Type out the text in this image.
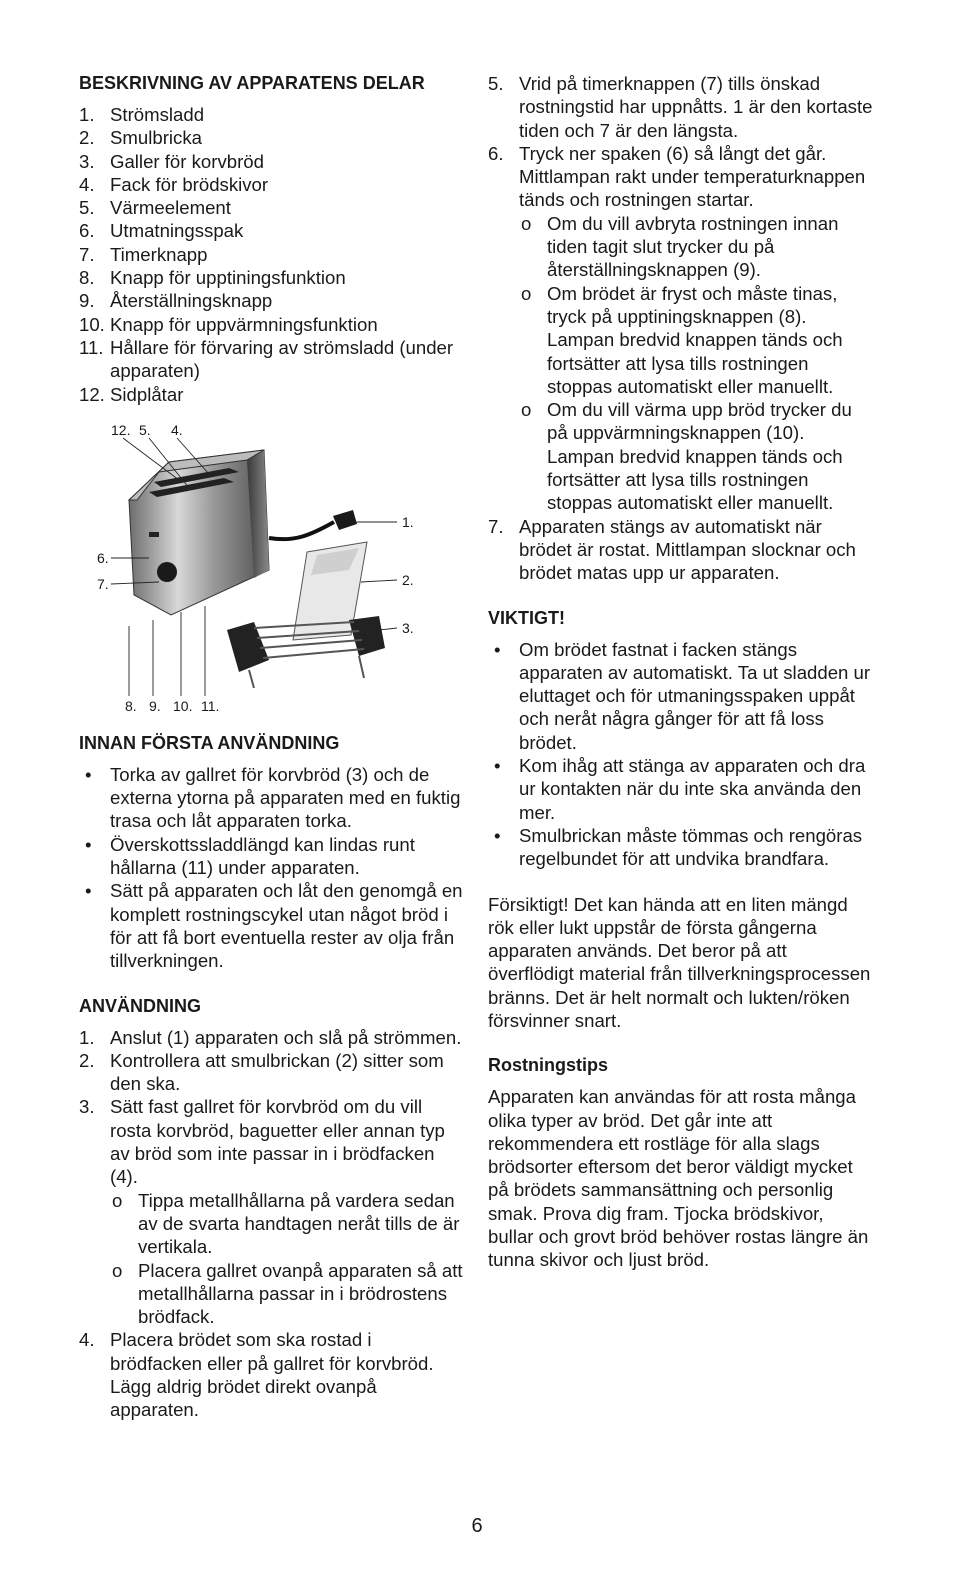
BESKRIVNING AV APPARATENS DELAR
1. Strömsladd
2. Smulbricka
3. Galler för korvbröd
4. Fack för brödskivor
5. Värmeelement
6. Utmatningsspak
7. Timerknapp
8. Knapp för upptiningsfunktion
9. Återställningsknapp
10. Knapp för uppvärmningsfunktion
11. Hållare för förvaring av strömsladd (under apparaten)
12. Sidplåtar
12. 5. 4.
1.
2.
3.
6.
7.
8. 9. 10. 11.
INNAN FÖRSTA ANVÄNDNING
• Torka av gallret för korvbröd (3) och de externa ytorna på apparaten med en fuktig trasa och låt apparaten torka.
• Överskottssladdlängd kan lindas runt hållarna (11) under apparaten.
• Sätt på apparaten och låt den genomgå en komplett rostningscykel utan något bröd i för att få bort eventuella rester av olja från tillverkningen.
ANVÄNDNING
1. Anslut (1) apparaten och slå på strömmen.
2. Kontrollera att smulbrickan (2) sitter som den ska.
3. Sätt fast gallret för korvbröd om du vill rosta korvbröd, baguetter eller annan typ av bröd som inte passar in i brödfacken (4).
o Tippa metallhållarna på vardera sedan av de svarta handtagen neråt tills de är vertikala.
o Placera gallret ovanpå apparaten så att metallhållarna passar in i brödrostens brödfack.
4. Placera brödet som ska rostad i brödfacken eller på gallret för korvbröd. Lägg aldrig brödet direkt ovanpå apparaten.
5. Vrid på timerknappen (7) tills önskad rostningstid har uppnåtts. 1 är den kortaste tiden och 7 är den längsta.
6. Tryck ner spaken (6) så långt det går. Mittlampan rakt under temperaturknappen tänds och rostningen startar.
o Om du vill avbryta rostningen innan tiden tagit slut trycker du på återställningsknappen (9).
o Om brödet är fryst och måste tinas, tryck på upptiningsknappen (8). Lampan bredvid knappen tänds och fortsätter att lysa tills rostningen stoppas automatiskt eller manuellt.
o Om du vill värma upp bröd trycker du på uppvärmningsknappen (10). Lampan bredvid knappen tänds och fortsätter att lysa tills rostningen stoppas automatiskt eller manuellt.
7. Apparaten stängs av automatiskt när brödet är rostat. Mittlampan slocknar och brödet matas upp ur apparaten.
VIKTIGT!
• Om brödet fastnat i facken stängs apparaten av automatiskt. Ta ut sladden ur eluttaget och för utmaningsspaken uppåt och neråt några gånger för att få loss brödet.
• Kom ihåg att stänga av apparaten och dra ur kontakten när du inte ska använda den mer.
• Smulbrickan måste tömmas och rengöras regelbundet för att undvika brandfara.

Försiktigt! Det kan hända att en liten mängd rök eller lukt uppstår de första gångerna apparaten används. Det beror på att överflödigt material från tillverkningsprocessen bränns. Det är helt normalt och lukten/röken försvinner snart.

Rostningstips

Apparaten kan användas för att rosta många olika typer av bröd. Det går inte att rekommendera ett rostläge för alla slags brödsorter eftersom det beror väldigt mycket på brödets sammansättning och personlig smak. Prova dig fram. Tjocka brödskivor, bullar och grovt bröd behöver rostas längre än tunna skivor och ljust bröd.

6
